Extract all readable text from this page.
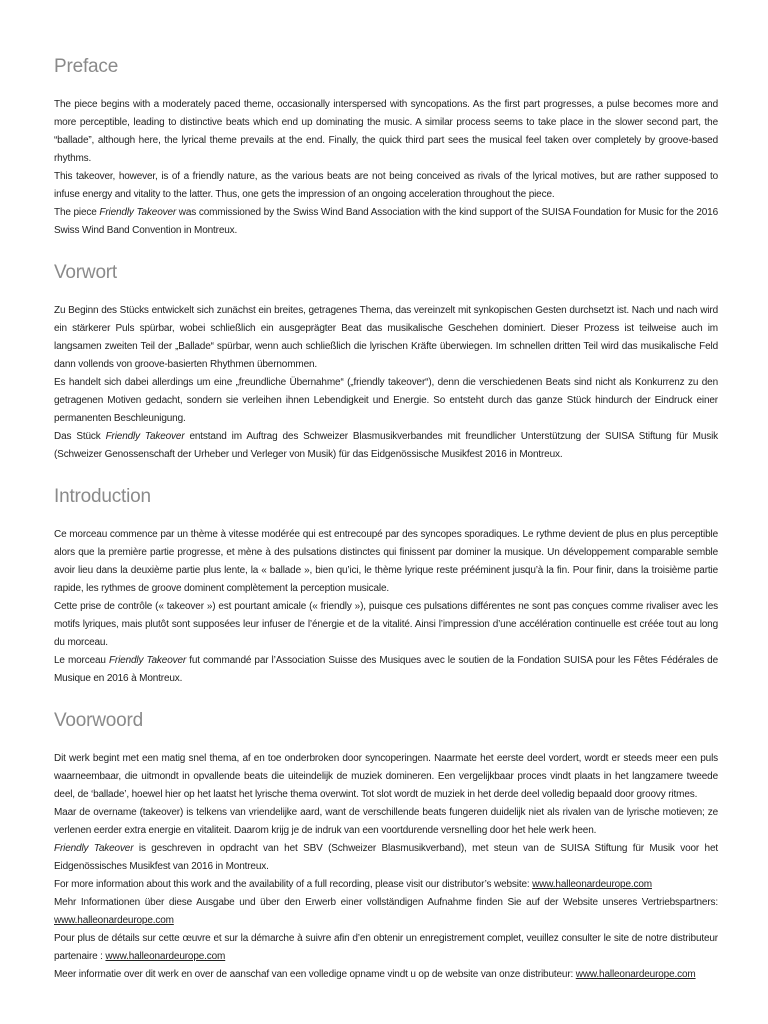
Preface

The piece begins with a moderately paced theme, occasionally interspersed with syncopations. As the first part progresses, a pulse becomes more and more perceptible, leading to distinctive beats which end up dominating the music. A similar process seems to take place in the slower second part, the “ballade”, although here, the lyrical theme prevails at the end. Finally, the quick third part sees the musical feel taken over completely by groove-based rhythms.

This takeover, however, is of a friendly nature, as the various beats are not being conceived as rivals of the lyrical motives, but are rather supposed to infuse energy and vitality to the latter. Thus, one gets the impression of an ongoing acceleration throughout the piece.

The piece Friendly Takeover was commissioned by the Swiss Wind Band Association with the kind support of the SUISA Foundation for Music for the 2016 Swiss Wind Band Convention in Montreux.

Vorwort

Zu Beginn des Stücks entwickelt sich zunächst ein breites, getragenes Thema, das vereinzelt mit synkopischen Gesten durchsetzt ist. Nach und nach wird ein stärkerer Puls spürbar, wobei schließlich ein ausgeprägter Beat das musikalische Geschehen dominiert. Dieser Prozess ist teilweise auch im langsamen zweiten Teil der „Ballade“ spürbar, wenn auch schließlich die lyrischen Kräfte überwiegen. Im schnellen dritten Teil wird das musikalische Feld dann vollends von groove-basierten Rhythmen übernommen.

Es handelt sich dabei allerdings um eine „freundliche Übernahme“ („friendly takeover“), denn die verschiedenen Beats sind nicht als Konkurrenz zu den getragenen Motiven gedacht, sondern sie verleihen ihnen Lebendigkeit und Energie. So entsteht durch das ganze Stück hindurch der Eindruck einer permanenten Beschleunigung.

Das Stück Friendly Takeover entstand im Auftrag des Schweizer Blasmusikverbandes mit freundlicher Unterstützung der SUISA Stiftung für Musik (Schweizer Genossenschaft der Urheber und Verleger von Musik) für das Eidgenössische Musikfest 2016 in Montreux.

Introduction

Ce morceau commence par un thème à vitesse modérée qui est entrecoupé par des syncopes sporadiques. Le rythme devient de plus en plus perceptible alors que la première partie progresse, et mène à des pulsations distinctes qui finissent par dominer la musique. Un développement comparable semble avoir lieu dans la deuxième partie plus lente, la « ballade », bien qu’ici, le thème lyrique reste prééminent jusqu’à la fin. Pour finir, dans la troisième partie rapide, les rythmes de groove dominent complètement la perception musicale.

Cette prise de contrôle (« takeover ») est pourtant amicale (« friendly »), puisque ces pulsations différentes ne sont pas conçues comme rivaliser avec les motifs lyriques, mais plutôt sont supposées leur infuser de l’énergie et de la vitalité. Ainsi l’impression d’une accélération continuelle est créée tout au long du morceau.

Le morceau Friendly Takeover fut commandé par l’Association Suisse des Musiques avec le soutien de la Fondation SUISA pour les Fêtes Fédérales de Musique en 2016 à Montreux.

Voorwoord

Dit werk begint met een matig snel thema, af en toe onderbroken door syncoperingen. Naarmate het eerste deel vordert, wordt er steeds meer een puls waarneembaar, die uitmondt in opvallende beats die uiteindelijk de muziek domineren. Een vergelijkbaar proces vindt plaats in het langzamere tweede deel, de ‘ballade’, hoewel hier op het laatst het lyrische thema overwint. Tot slot wordt de muziek in het derde deel volledig bepaald door groovy ritmes.

Maar de overname (takeover) is telkens van vriendelijke aard, want de verschillende beats fungeren duidelijk niet als rivalen van de lyrische motieven; ze verlenen eerder extra energie en vitaliteit. Daarom krijg je de indruk van een voortdurende versnelling door het hele werk heen.

Friendly Takeover is geschreven in opdracht van het SBV (Schweizer Blasmusikverband), met steun van de SUISA Stiftung für Musik voor het Eidgenössisches Musikfest van 2016 in Montreux.

For more information about this work and the availability of a full recording, please visit our distributor’s website: www.halleonardeurope.com

Mehr Informationen über diese Ausgabe und über den Erwerb einer vollständigen Aufnahme finden Sie auf der Website unseres Vertriebspartners: www.halleonardeurope.com

Pour plus de détails sur cette œuvre et sur la démarche à suivre afin d’en obtenir un enregistrement complet, veuillez consulter le site de notre distributeur partenaire : www.halleonardeurope.com

Meer informatie over dit werk en over de aanschaf van een volledige opname vindt u op de website van onze distributeur: www.halleonardeurope.com
